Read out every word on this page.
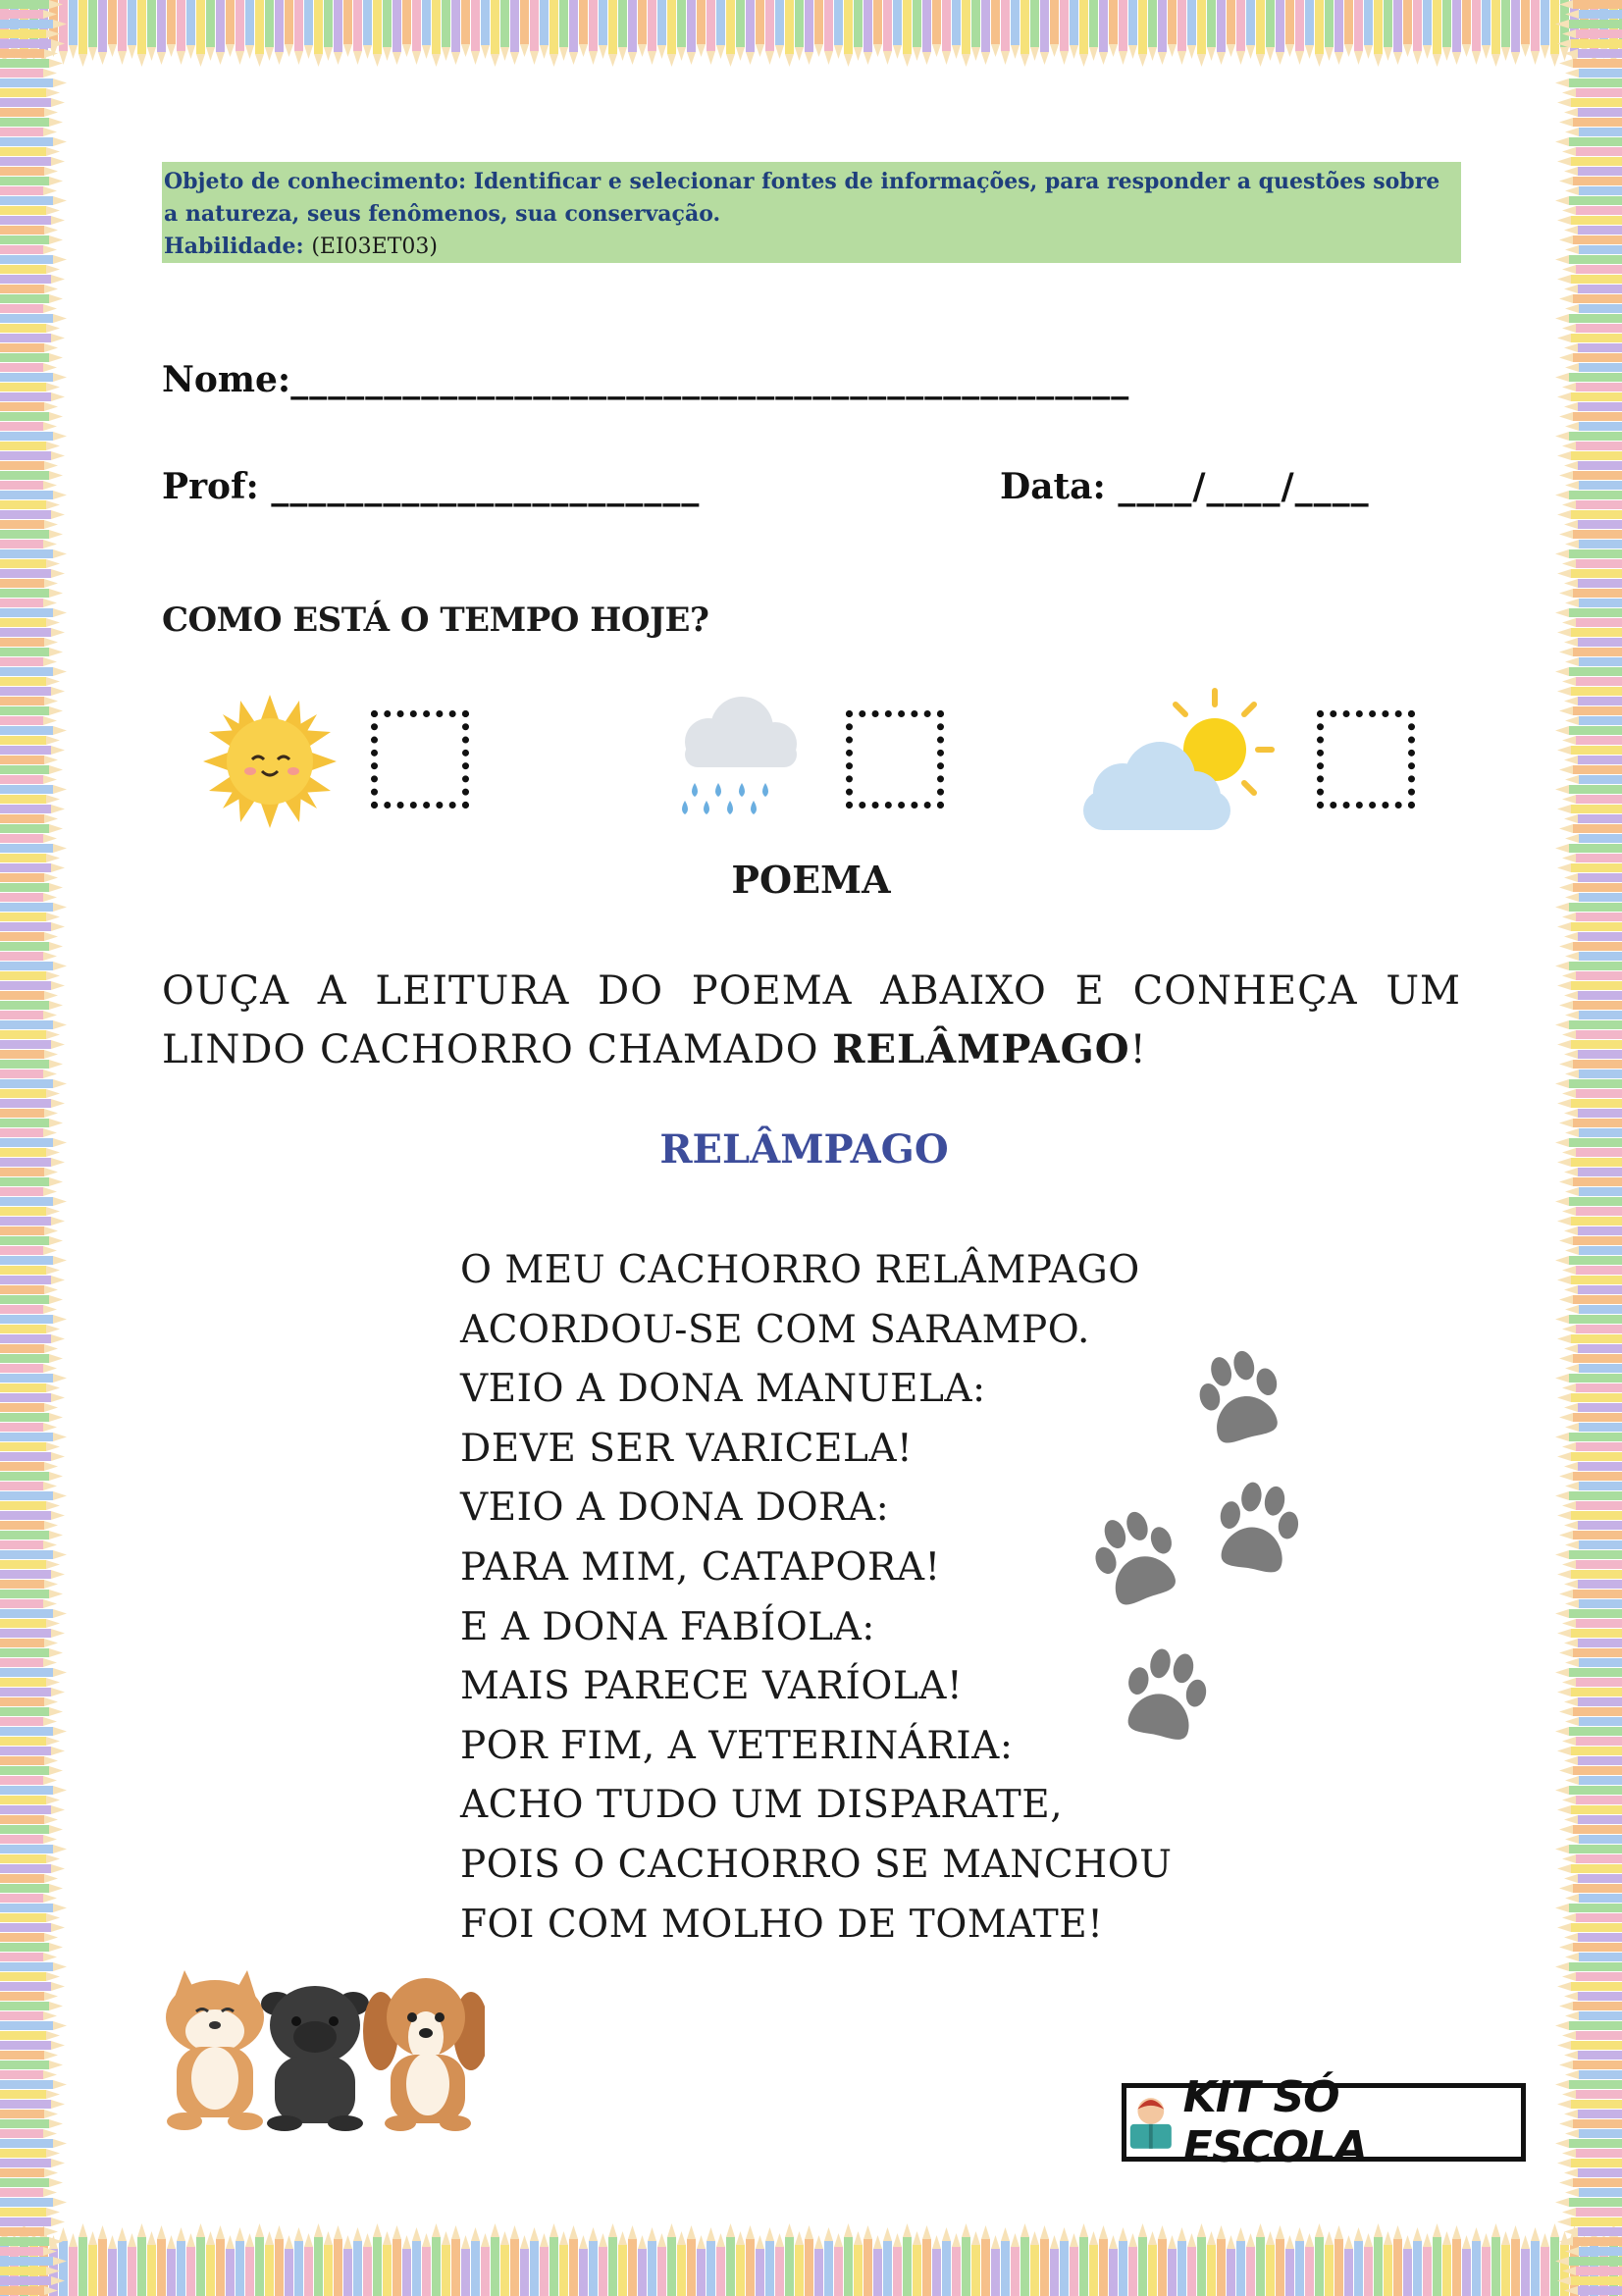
Objeto de conhecimento: Identificar e selecionar fontes de informações, para responder a questões sobre a natureza, seus fenômenos, sua conservação.
Habilidade: (EI03ET03)
Nome:_____________________________________________
Prof: _______________________	Data: ____/____/____
COMO ESTÁ O TEMPO HOJE?
POEMA
OUÇA A LEITURA DO POEMA ABAIXO E CONHEÇA UM LINDO CACHORRO CHAMADO RELÂMPAGO!
RELÂMPAGO
O MEU CACHORRO RELÂMPAGO
ACORDOU-SE COM SARAMPO.
VEIO A DONA MANUELA:
DEVE SER VARICELA!
VEIO A DONA DORA:
PARA MIM, CATAPORA!
E A DONA FABÍOLA:
MAIS PARECE VARÍOLA!
POR FIM, A VETERINÁRIA:
ACHO TUDO UM DISPARATE,
POIS O CACHORRO SE MANCHOU
FOI COM MOLHO DE TOMATE!
KIT SÓ ESCOLA
